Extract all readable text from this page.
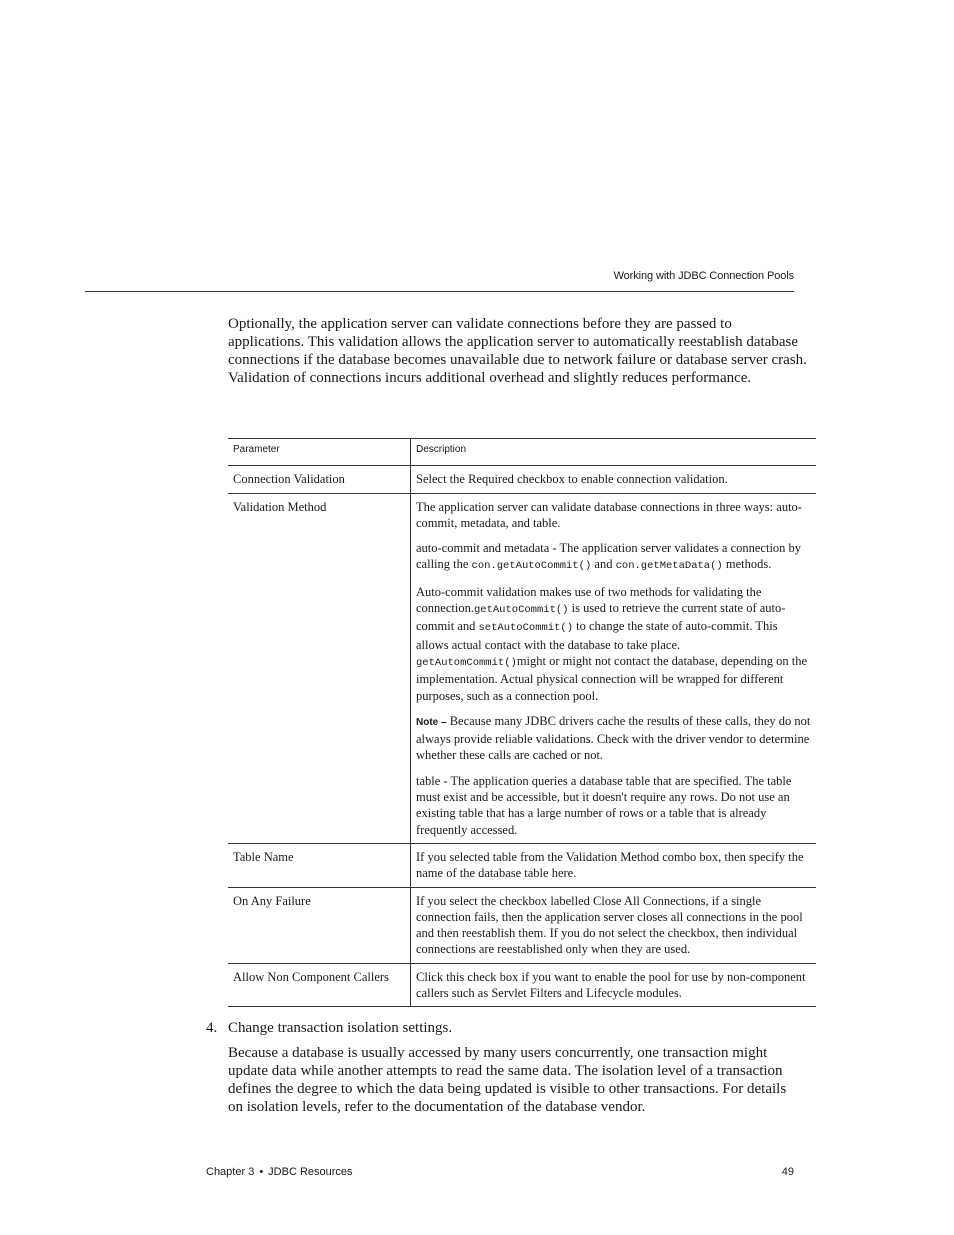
Working with JDBC Connection Pools

Optionally, the application server can validate connections before they are passed to applications. This validation allows the application server to automatically reestablish database connections if the database becomes unavailable due to network failure or database server crash. Validation of connections incurs additional overhead and slightly reduces performance.

Parameter	Description
Connection Validation	Select the Required checkbox to enable connection validation.
Validation Method	The application server can validate database connections in three ways: auto-commit, metadata, and table.

auto-commit and metadata - The application server validates a connection by calling the con.getAutoCommit() and con.getMetaData() methods.

Auto-commit validation makes use of two methods for validating the connection.getAutoCommit() is used to retrieve the current state of auto-commit and setAutoCommit() to change the state of auto-commit. This allows actual contact with the database to take place. getAutomCommit()might or might not contact the database, depending on the implementation. Actual physical connection will be wrapped for different purposes, such as a connection pool.

Note – Because many JDBC drivers cache the results of these calls, they do not always provide reliable validations. Check with the driver vendor to determine whether these calls are cached or not.

table - The application queries a database table that are specified. The table must exist and be accessible, but it doesn't require any rows. Do not use an existing table that has a large number of rows or a table that is already frequently accessed.

Table Name	If you selected table from the Validation Method combo box, then specify the name of the database table here.
On Any Failure	If you select the checkbox labelled Close All Connections, if a single connection fails, then the application server closes all connections in the pool and then reestablish them. If you do not select the checkbox, then individual connections are reestablished only when they are used.
Allow Non Component Callers	Click this check box if you want to enable the pool for use by non-component callers such as Servlet Filters and Lifecycle modules.
4. Change transaction isolation settings.

Because a database is usually accessed by many users concurrently, one transaction might update data while another attempts to read the same data. The isolation level of a transaction defines the degree to which the data being updated is visible to other transactions. For details on isolation levels, refer to the documentation of the database vendor.

Chapter 3 • JDBC Resources	49
